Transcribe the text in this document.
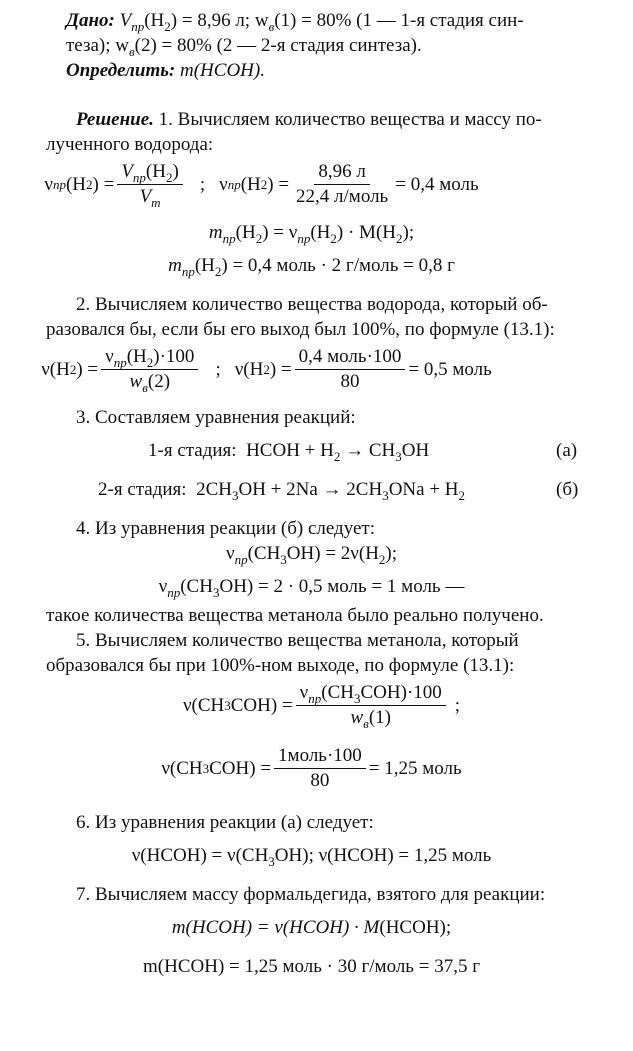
Дано: $V_{пр}(H_2) = 8,96$ л; $w_в(1) = 80\%$ (1 — 1-я стадия син-

теза); $w_в(2) = 80\%$ (2 — 2-я стадия синтеза).

Определить: m(HCOH).

Решение. 1. Вычисляем количество вещества и массу по-

лученного водорода:

ν пр (H 2 ) = $\frac{V_{пр}(H_2)}{V_m}$ ; ν пр (H 2 ) = $\frac{8,96 л}{\text{22,4 л/моль}} = 0,4$ моль

$m_{пр}(H_2) = \nu_{пр}(H_2) \cdot M(H_2)$;

$m_{пр}(H_2) = 0,4$ моль · 2 г/моль = 0,8 г

2. Вычисляем количество вещества водорода, который об-

разовался бы, если бы его выход был 100%, по формуле (13.1):

ν(H 2 ) = $\frac{\nu_{пр}(H_2)\cdot 100}{w_в(2)}$ ; ν(H 2 ) = $\frac{\text{0,4 моль·100}}{80} = 0,5$ моль

3. Составляем уравнения реакций:

1-я стадия: HCOH + $H_2 \to CH_3OH$	(а)
2-я стадия: $2CH_3OH + 2Na \to 2CH_3ONa + H_2$	(б)

4. Из уравнения реакции (б) следует:

$\nu_{пр}(CH_3OH) = 2\nu(H_2)$;

$\nu_{пр}(CH_3OH) = 2 \cdot 0,5$ моль = 1 моль —

такое количества вещества метанола было реально получено.

5. Вычисляем количество вещества метанола, который

образовался бы при 100%-ном выходе, по формуле (13.1):

ν(CH 3 $COH) = \frac{\nu_{пр}(CH_3COH)\cdot 100}{w_в(1)}$ ;
ν(CH 3 $COH) = \frac{\text{1моль·100}}{80} = 1,25$ моль

6. Из уравнения реакции (а) следует:

ν(HCOH) = $\nu(CH_3OH)$; ν(HCOH) = 1,25 моль

7. Вычисляем массу формальдегида, взятого для реакции:

m(HCOH) = ν(HCOH) · M(HCOH);

m(HCOH) = 1,25 моль · 30 г/моль = 37,5 г
